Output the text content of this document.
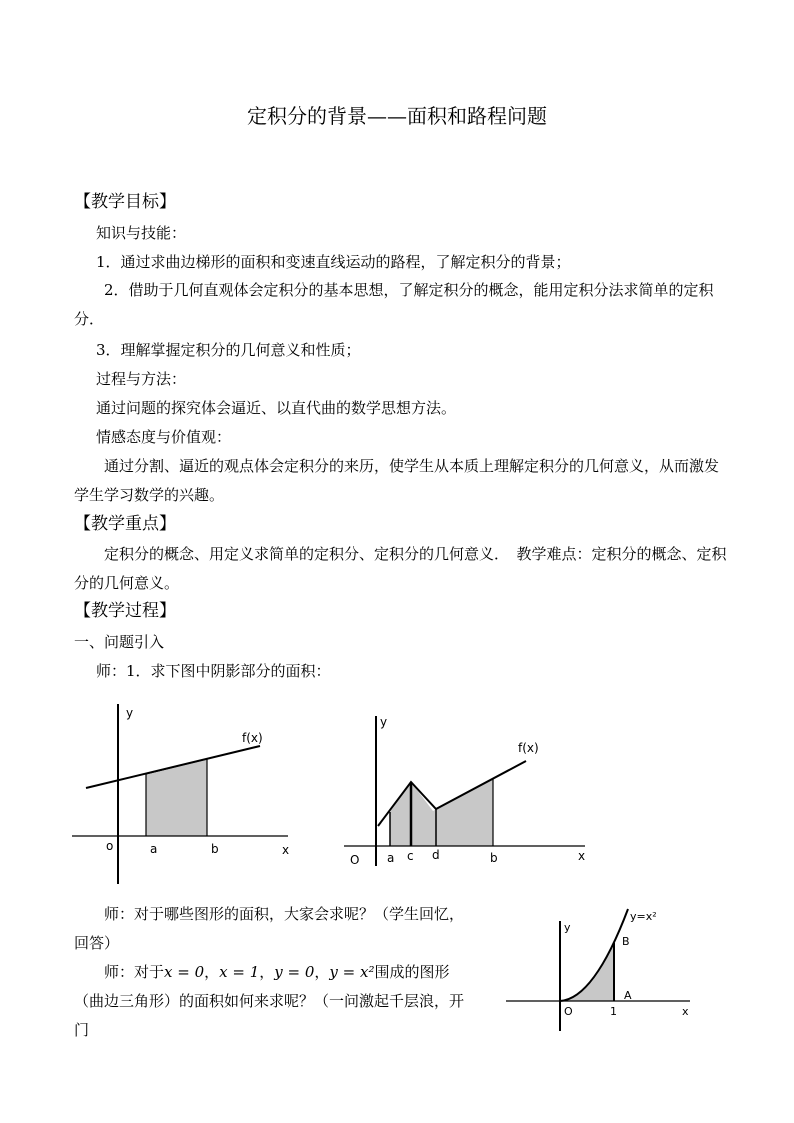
定积分的背景——面积和路程问题
【教学目标】
知识与技能：
1．通过求曲边梯形的面积和变速直线运动的路程，了解定积分的背景；
2．借助于几何直观体会定积分的基本思想，了解定积分的概念，能用定积分法求简单的定积分．
3．理解掌握定积分的几何意义和性质；
过程与方法：
通过问题的探究体会逼近、以直代曲的数学思想方法。
情感态度与价值观：
通过分割、逼近的观点体会定积分的来历，使学生从本质上理解定积分的几何意义，从而激发学生学习数学的兴趣。
【教学重点】
定积分的概念、用定义求简单的定积分、定积分的几何意义．　教学难点：定积分的概念、定积分的几何意义。
【教学过程】
一、问题引入
师：1．求下图中阴影部分的面积：
y
x
o	a	b
f(x)
y
x
O a c d	b
f(x)
师：对于哪些图形的面积，大家会求呢？（学生回忆，回答）
师：对于x = 0，x = 1，y = 0，y = x²围成的图形（曲边三角形）的面积如何来求呢？（一问激起千层浪，开门
y
x
O	1
y=x²
A
B
